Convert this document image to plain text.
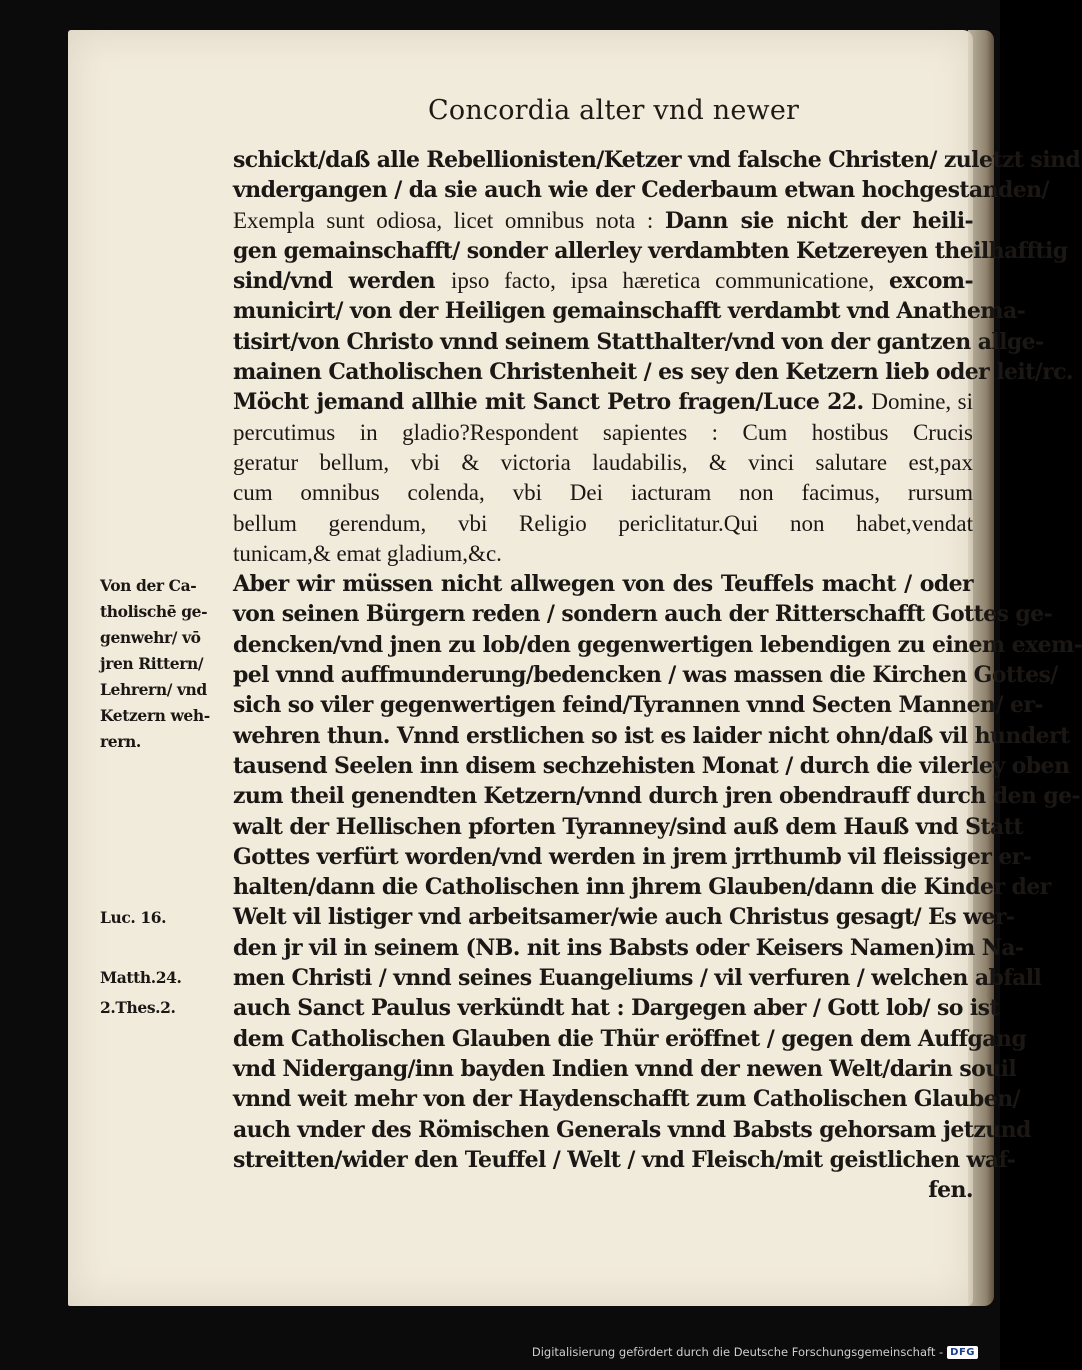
Concordia alter vnd newer
schickt/daß alle Rebellionisten/Ketzer vnd falsche Christen/ zuletzt sind
vndergangen / da sie auch wie der Cederbaum etwan hochgestanden/
Exempla sunt odiosa, licet omnibus nota : Dann sie nicht der heili-
gen gemainschafft/ sonder allerley verdambten Ketzereyen theilhafftig
sind/vnd werden ipso facto, ipsa hæretica communicatione, excom-
municirt/ von der Heiligen gemainschafft verdambt vnd Anathema-
tisirt/von Christo vnnd seinem Statthalter/vnd von der gantzen allge-
mainen Catholischen Christenheit / es sey den Ketzern lieb oder leit/rc.
Möcht jemand allhie mit Sanct Petro fragen/Luce 22. Domine, si
percutimus in gladio?Respondent sapientes : Cum hostibus Crucis
geratur bellum, vbi & victoria laudabilis, & vinci salutare est,pax
cum omnibus colenda, vbi Dei iacturam non facimus, rursum
bellum gerendum, vbi Religio periclitatur.Qui non habet,vendat
tunicam,& emat gladium,&c.
Aber wir müssen nicht allwegen von des Teuffels macht / oder
von seinen Bürgern reden / sondern auch der Ritterschafft Gottes ge-
dencken/vnd jnen zu lob/den gegenwertigen lebendigen zu einem exem-
pel vnnd auffmunderung/bedencken / was massen die Kirchen Gottes/
sich so viler gegenwertigen feind/Tyrannen vnnd Secten Mannen/ er-
wehren thun. Vnnd erstlichen so ist es laider nicht ohn/daß vil hundert
tausend Seelen inn disem sechzehisten Monat / durch die vilerley oben
zum theil genendten Ketzern/vnnd durch jren obendrauff durch den ge-
walt der Hellischen pforten Tyranney/sind auß dem Hauß vnd Statt
Gottes verfürt worden/vnd werden in jrem jrrthumb vil fleissiger er-
halten/dann die Catholischen inn jhrem Glauben/dann die Kinder der
Welt vil listiger vnd arbeitsamer/wie auch Christus gesagt/ Es wer-
den jr vil in seinem (NB. nit ins Babsts oder Keisers Namen)im Na-
men Christi / vnnd seines Euangeliums / vil verfuren / welchen abfall
auch Sanct Paulus verkündt hat : Dargegen aber / Gott lob/ so ist
dem Catholischen Glauben die Thür eröffnet / gegen dem Auffgang
vnd Nidergang/inn bayden Indien vnnd der newen Welt/darin souil
vnnd weit mehr von der Haydenschafft zum Catholischen Glauben/
auch vnder des Römischen Generals vnnd Babsts gehorsam jetzund
streitten/wider den Teuffel / Welt / vnd Fleisch/mit geistlichen waf-
fen.
Von der Ca-
tholischē ge-
genwehr/ vō
jren Rittern/
Lehrern/ vnd
Ketzern weh-
rern.
Luc. 16.
Matth.24.
2.Thes.2.
Digitalisierung gefördert durch die Deutsche Forschungsgemeinschaft - DFG
